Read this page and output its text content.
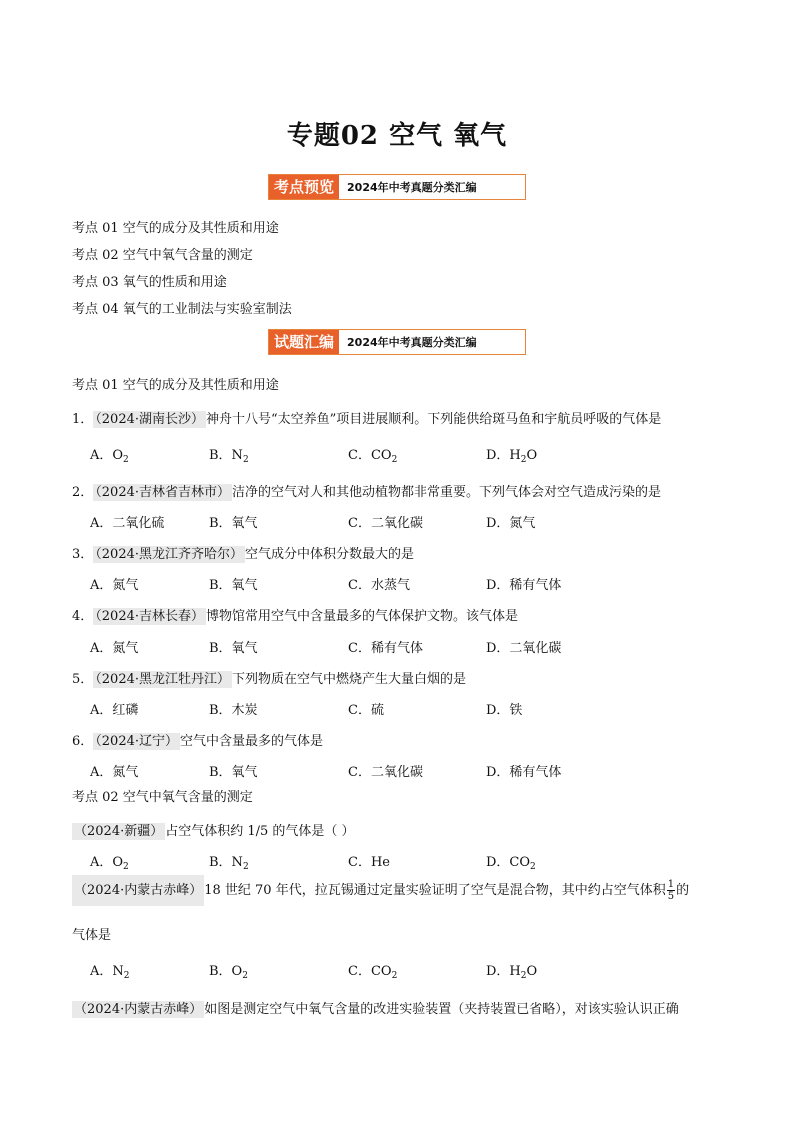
专题02 空气 氧气
考点预览	2024年中考真题分类汇编
考点 01 空气的成分及其性质和用途
考点 02 空气中氧气含量的测定
考点 03 氧气的性质和用途
考点 04 氧气的工业制法与实验室制法
试题汇编	2024年中考真题分类汇编
考点 01 空气的成分及其性质和用途
1． （2024·湖南长沙） 神舟十八号“太空养鱼”项目进展顺利。下列能供给斑马鱼和宇航员呼吸的气体是
A．$O_2$	B．$N_2$	C．$CO_2$	D．$H_2O$
2． （2024·吉林省吉林市） 洁净的空气对人和其他动植物都非常重要。下列气体会对空气造成污染的是
A．二氧化硫	B．氧气	C．二氧化碳	D．氮气
3． （2024·黑龙江齐齐哈尔） 空气成分中体积分数最大的是
A．氮气	B．氧气	C．水蒸气	D．稀有气体
4． （2024·吉林长春） 博物馆常用空气中含量最多的气体保护文物。该气体是
A．氮气	B．氧气	C．稀有气体	D．二氧化碳
5． （2024·黑龙江牡丹江） 下列物质在空气中燃烧产生大量白烟的是
A．红磷	B．木炭	C．硫	D．铁
6． （2024·辽宁） 空气中含量最多的气体是
A．氮气	B．氧气	C．二氧化碳	D．稀有气体
考点 02 空气中氧气含量的测定
（2024·新疆） 占空气体积约 1/5 的气体是（ ）
A．$O_2$	B．$N_2$	C．He	D．$CO_2$
（2024·内蒙古赤峰） 18 世纪 70 年代，拉瓦锡通过定量实验证明了空气是混合物，其中约占空气体积 $\frac{1}{5}$ 的
气体是
A．$N_2$	B．$O_2$	C．$CO_2$	D．$H_2O$
（2024·内蒙古赤峰） 如图是测定空气中氧气含量的改进实验装置（夹持装置已省略），对该实验认识正确
